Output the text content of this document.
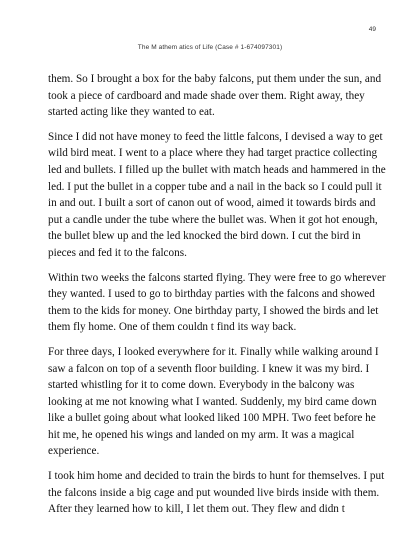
49
The M athem atics of Life (Case # 1-674097301)

them. So I brought a box for the baby falcons, put them under the sun, and took a piece of cardboard and made shade over them. Right away, they started acting like they wanted to eat.

Since I did not have money to feed the little falcons, I devised a way to get wild bird meat. I went to a place where they had target practice collecting led and bullets. I filled up the bullet with match heads and hammered in the led. I put the bullet in a copper tube and a nail in the back so I could pull it in and out. I built a sort of canon out of wood, aimed it towards birds and put a candle under the tube where the bullet was. When it got hot enough, the bullet blew up and the led knocked the bird down. I cut the bird in pieces and fed it to the falcons.

Within two weeks the falcons started flying. They were free to go wherever they wanted. I used to go to birthday parties with the falcons and showed them to the kids for money. One birthday party, I showed the birds and let them fly home. One of them couldn t find its way back.

For three days, I looked everywhere for it. Finally while walking around I saw a falcon on top of a seventh floor building. I knew it was my bird. I started whistling for it to come down. Everybody in the balcony was looking at me not knowing what I wanted. Suddenly, my bird came down like a bullet going about what looked liked 100 MPH. Two feet before he hit me, he opened his wings and landed on my arm. It was a magical experience.

I took him home and decided to train the birds to hunt for themselves. I put the falcons inside a big cage and put wounded live birds inside with them. After they learned how to kill, I let them out. They flew and didn t
